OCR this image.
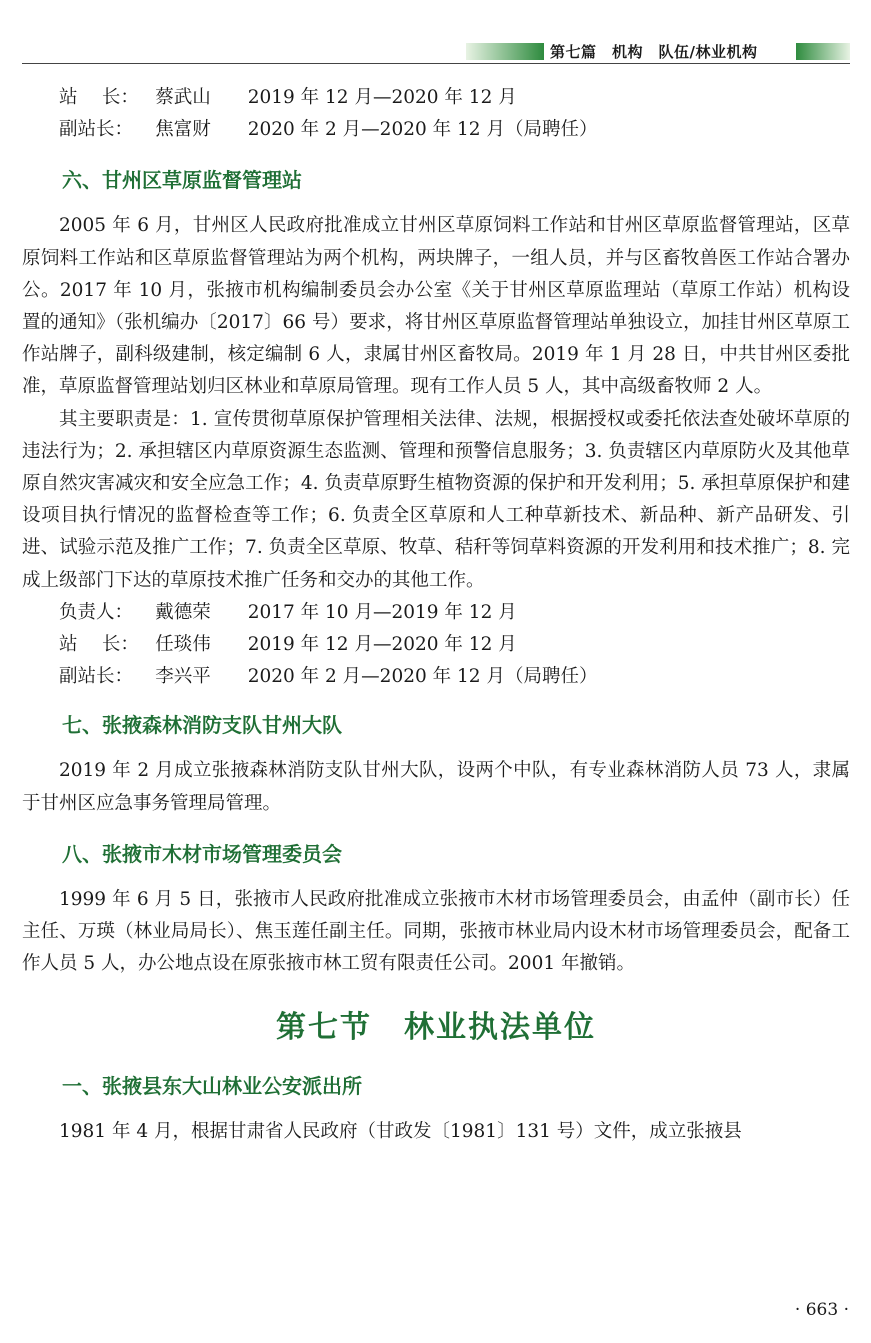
第七篇　机构　队伍/林业机构

站　 长： 蔡武山 2019 年 12 月—2020 年 12 月

副站长： 焦富财 2020 年 2 月—2020 年 12 月（局聘任）

六、甘州区草原监督管理站

2005 年 6 月，甘州区人民政府批准成立甘州区草原饲料工作站和甘州区草原监督管理站，区草原饲料工作站和区草原监督管理站为两个机构，两块牌子，一组人员，并与区畜牧兽医工作站合署办公。2017 年 10 月，张掖市机构编制委员会办公室《关于甘州区草原监理站（草原工作站）机构设置的通知》（张机编办〔2017〕66 号）要求，将甘州区草原监督管理站单独设立，加挂甘州区草原工作站牌子，副科级建制，核定编制 6 人，隶属甘州区畜牧局。2019 年 1 月 28 日，中共甘州区委批准，草原监督管理站划归区林业和草原局管理。现有工作人员 5 人，其中高级畜牧师 2 人。

其主要职责是：1. 宣传贯彻草原保护管理相关法律、法规，根据授权或委托依法查处破坏草原的违法行为；2. 承担辖区内草原资源生态监测、管理和预警信息服务；3. 负责辖区内草原防火及其他草原自然灾害减灾和安全应急工作；4. 负责草原野生植物资源的保护和开发利用；5. 承担草原保护和建设项目执行情况的监督检查等工作；6. 负责全区草原和人工种草新技术、新品种、新产品研发、引进、试验示范及推广工作；7. 负责全区草原、牧草、秸秆等饲草料资源的开发利用和技术推广；8. 完成上级部门下达的草原技术推广任务和交办的其他工作。

负责人： 戴德荣 2017 年 10 月—2019 年 12 月

站　 长： 任琰伟 2019 年 12 月—2020 年 12 月

副站长： 李兴平 2020 年 2 月—2020 年 12 月（局聘任）

七、张掖森林消防支队甘州大队

2019 年 2 月成立张掖森林消防支队甘州大队，设两个中队，有专业森林消防人员 73 人，隶属于甘州区应急事务管理局管理。

八、张掖市木材市场管理委员会

1999 年 6 月 5 日，张掖市人民政府批准成立张掖市木材市场管理委员会，由孟仲（副市长）任主任、万瑛（林业局局长）、焦玉莲任副主任。同期，张掖市林业局内设木材市场管理委员会，配备工作人员 5 人，办公地点设在原张掖市林工贸有限责任公司。2001 年撤销。

第七节　林业执法单位
一、张掖县东大山林业公安派出所

1981 年 4 月，根据甘肃省人民政府（甘政发〔1981〕131 号）文件，成立张掖县

· 663 ·
